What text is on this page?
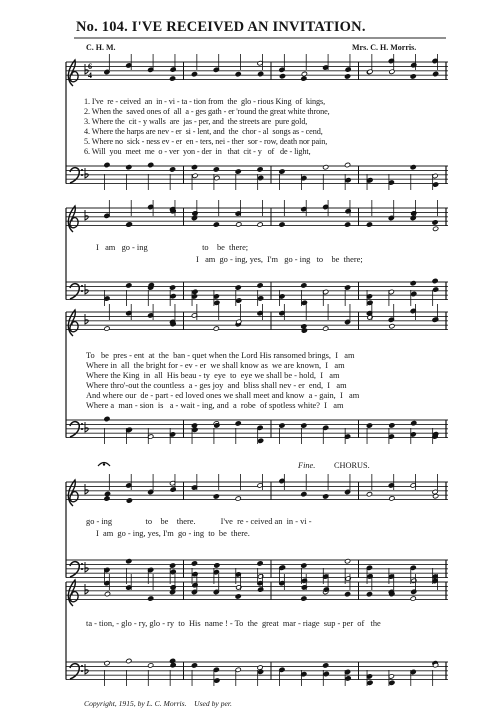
6
4
No. 104. I'VE RECEIVED AN INVITATION.
C. H. M.	Mrs. C. H. Morris.
1. I've  re - ceived  an  in - vi - ta - tion from  the  glo - rious King  of  kings,
2. When the  saved ones of  all  a - ges gath - er 'round the great white throne,
3. Where the  cit - y walls  are  jas - per, and  the streets are  pure gold,
4. Where the harps are nev - er  si - lent, and  the  chor - al  songs as - cend,
5. Where no  sick - ness ev - er  en - ters, nei - ther  sor - row, death nor pain,
6. Will  you  meet  me  o - ver  yon - der  in   that  cit - y   of   de - light,
I   am   go - ing                          to    be  there;
I   am  go - ing, yes,  I'm   go - ing   to    be  there;
To   be  pres - ent  at  the  ban - quet when the Lord His ransomed brings,  I   am
Where in  all  the bright for - ev - er  we shall know as  we are known,  I   am
Where the King  in  all  His beau - ty  eye  to  eye we shall be - hold,  I   am
Where thro'-out the countless  a - ges joy  and  bliss shall nev - er  end,  I   am
And where our  de - part - ed loved ones we shall meet and know  a - gain,  I   am
Where a  man - sion  is   a - wait - ing, and  a  robe  of spotless white?  I   am
Fine. CHORUS.
go - ing                to    be    there.            I've  re - ceived an  in - vi -
I  am  go - ing, yes, I'm  go - ing  to  be  there.
ta - tion, - glo - ry, glo - ry  to  His  name ! - To  the  great  mar - riage  sup - per  of   the
Copyright, 1915, by L. C. Morris.    Used by per.
